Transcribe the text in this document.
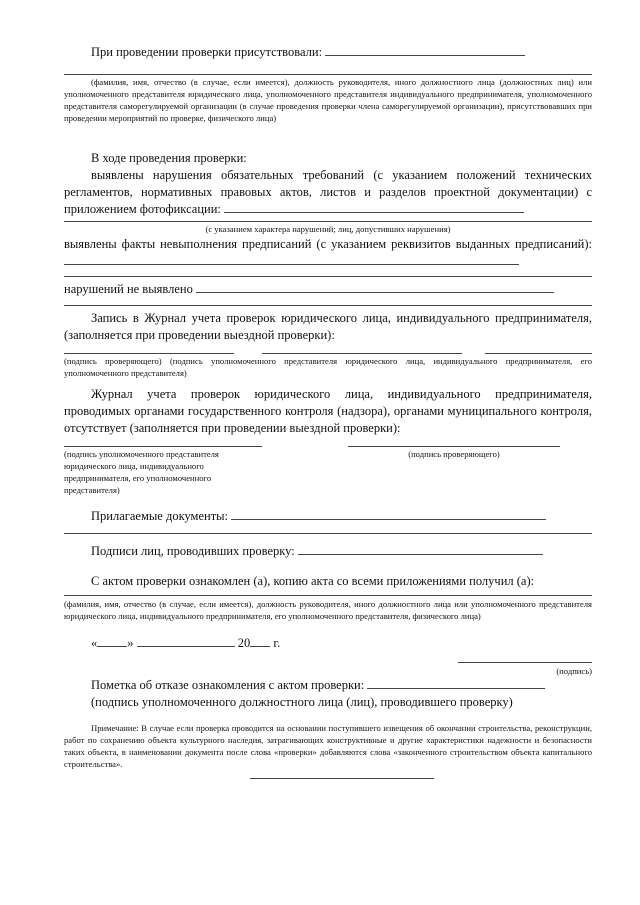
При проведении проверки присутствовали:

(фамилия, имя, отчество (в случае, если имеется), должность руководителя, иного должностного лица (должностных лиц) или уполномоченного представителя юридического лица, уполномоченного представителя индивидуального предпринимателя, уполномоченного представителя саморегулируемой организации (в случае проведения проверки члена саморегулируемой организации), присутствовавших при проведении мероприятий по проверке, физического лица)

В ходе проведения проверки:

выявлены нарушения обязательных требований (с указанием положений технических регламентов, нормативных правовых актов, листов и разделов проектной документации) с приложением фотофиксации:

(с указанием характера нарушений; лиц, допустивших нарушения)

выявлены факты невыполнения предписаний (с указанием реквизитов выданных предписаний):

нарушений не выявлено

Запись в Журнал учета проверок юридического лица, индивидуального предпринимателя, (заполняется при проведении выездной проверки):

(подпись проверяющего) (подпись уполномоченного представителя юридического лица, индивидуального предпринимателя, его уполномоченного представителя)

Журнал учета проверок юридического лица, индивидуального предпринимателя, проводимых органами государственного контроля (надзора), органами муниципального контроля, отсутствует (заполняется при проведении выездной проверки):

(подпись уполномоченного представителя юридического лица, индивидуального предпринимателя, его уполномоченного представителя)

(подпись проверяющего)

Прилагаемые документы:

Подписи лиц, проводивших проверку:

С актом проверки ознакомлен (а), копию акта со всеми приложениями получил (а):

(фамилия, имя, отчество (в случае, если имеется), должность руководителя, иного должностного лица или уполномоченного представителя юридического лица, индивидуального предпринимателя, его уполномоченного представителя, физического лица)

« »	20 г.

(подпись)

Пометка об отказе ознакомления с актом проверки:

(подпись уполномоченного должностного лица (лиц), проводившего проверку)

Примечание: В случае если проверка проводится на основании поступившего извещения об окончании строительства, реконструкции, работ по сохранению объекта культурного наследия, затрагивающих конструктивные и другие характеристики надежности и безопасности таких объекта, в наименовании документа после слова «проверки» добавляются слова «законченного строительством объекта капитального строительства».
